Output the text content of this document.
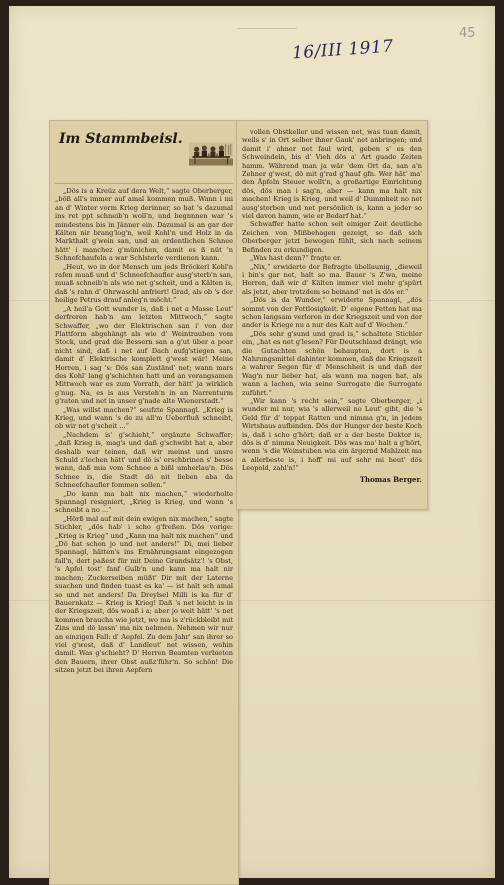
16/III 1917
45
Im Stammbeisl.

„Dös is a Kreüz auf dera Welt,“ sagte Oberberger, „böß all's immer auf amal kommen muß. Wann i mi an d' Winter vorm Krieg derinner, so hat 's dazumal ins ret ppt schneib'n woll'n, und begnnnen war 's mindestens bis in Jänner ein. Dazumal is an gar der Kälten nir brang'log'n, weil Kohl'n und Holz in da Markthalt g'wein san, und an ordentlichen Schnee hätt' i manchez g'münichen, damit es ß nüt 'n Schnefchaufeln a war Schlsterle verdienen kann.

„Heut, wo in der Mensch um jeds Bröckerl Kohl'n rafen muaß und d' Schneefchaufler ausg'sterb'n san, muaß schneib'n als wie net g'scheit, und a Kälten is, daß 's rahn d' Ohrwaschl anfriert! Grad, als ob 's der heilige Petrus drauf anleg'n möcht.“

„A heil'a Gott wunder is, daß i net a Masse Leut' derfroren hab'n am letzten Mittwoch,“ sagte Schwaffer, „wo der Elektrischen san i' von der Plattform abgehängt als wie d' Weintrauben vom Stock, und grad die Bessern san a g'ut über a poar nicht sind, daß i net auf Dach aufg'stiegen san, damit d' Elektrische komplett g'west wär! Meine Herren, i sag 's: Dös san Zuständ' net; wann mars des Kohl' lang g'schichten hatt und an vorangsamen Mittwoch war es zum Vorrath, der hätt' ja wirklich g'nug. Na, es is aus Versteh'n in an Narrenturm g'raten und net in unser g'nade alte Wienerstadt.“

„Was willst machen?“ seufzte Spannagl. „Krieg is Krieg, und wann 's de zu all'm Ueberfluß schneibt, ob wir net g'scheit ...“

„Nachdem is' g'schieht,“ ergänzte Schwaffer; „daß Krieg is, mag's und daß g'schwibt hat a, aber deshalb war teinen, daß wir meinst und unsre Schuld z'lechen hätt' und dö is' erschbrinen s' besse wann, daß mia vom Schnee a bißl umherlau'n. Dös Schnee is, die Stadt dö nit lieben aba da Schneefchaufler fommen sollen.“

„Do kann ma halt nix machen,“ wiederholte Spannagl resigniert, „Krieg is Krieg, und wann 's schneibt a no ...“

„Hörß mal auf mit dein ewigen nix machen,“ sagte Stichler, „dös hab' i scho g'freßen. Dös vorige: „Krieg is Krieg“ und „Kann ma halt nix machen“ und „Dö hat schon jo und net anders!“ Di, mei lieber Spannagl, hätten's ins Ernährungsamt eingezogen fall'n, dert paßest für mit Deine Grundsätz'! 's Obst, 's Apfel tost' fanf Gulb'n und kann ma halt nir machen; Zuckerseiben müßt' Dir mit der Laterne suachen und finden tuast es ka' — ist halt sch amal so und net anders! Da Dreylsel Milli is ka für d' Bauernkatz — Krieg is Krieg! Daß 's net leicht is in der Kriegszeit, dös woaß i a; aber jo weit hätt' 's net kommen braucha wie jetzt, wo ma is z'rückbleibt mit Zins und dö lassn' ma nix nehmen. Nehmen wir nur an einzigen Fall: d' Aepfel. Zu dem Jahr' san ihrer so viel g'west, daß d' Landleut' net wissen, wohin damit. Was g'schieht? D' Herren Beamten verbieten den Bauern, ihrer Obst außz'führ'n. So schön! Die sitzen jetzt bei ihren Aepfern

vollen Obstkeller und wissen net, was tuan damit, weils s' in Ort selber ihner Gauk' net anbringen; und damit i' ahner net faul wird, geben s' es den Schweindeln, bis d' Vieh dös a' Art guade Zeiten hamm. Während man ja wär 'dem Ort da, san a'n Zehner g'west, dö mit g'rad g'hauf gfn. Wer hät' ma' den Äpfeln Steuer wollt'n, a großartige Einrichtung dös, dös man i sag'n, aber — kann ma halt nix machen! Krieg is Krieg, und weil d' Dummheit no net ausg'storben und net persönlich is, kann a jeder so viel davon hamm, wie er Bedarf hat.“

Schwaffer hatte schon seit einiger Zeit deutliche Zeichen von Mißbehagen gezeigt, so daß sich Oberberger jetzt bewogen fühlt, sich nach seinem Befinden zu erkundigen.

„Was hast denn?“ fragte er.

„Nix,“ erwiderte der Befragte übellaunig, „dieweil i bin's gar net, halt so ma. Bauer 's Z'wa, meine Herren, daß wir d' Kälten immer viel mehr g'spürt als jetzt, aber trotzdem so beinand' net is dös er.“

„Dös is da Wunder,“ erwiderte Spannagl, „dös sommt von der Fettlosigkeit. D' eigene Fetten hat ma schon langsam verloren in der Kriegszeit und von der ander is Kriege nu a nur des Kalt auf d' Wochen.“

„Dös sehr g'sund und grad is,“ schaltete Stichler ein, „hat es net g'lesen? Für Deutschland drängt, wie die Gutachten schön behaupten, dort is a Nahrungsmittel dahinter kommen, daß die Kriegszeit a wahrer Segen für d' Menschheit is und daß der Wag'n nur lieber hat, als wann ma nagen hat, als wann a lachen, wia seine Surrogate die Surrogate zuführt.“

„Wir kann 's recht sein,“ sagte Oberberger, „i wunder mi nur, wia 's allerweil no Leut' gibt, die 's Geld für d' teppat Ratten und nimma g'n, in jedem Wirtshaus aufbinden. Dös der Hunger der beste Koch is, daß i scho g'hört; daß er a der beste Doktor is, dös is d' nimma Neuigkeit. Dös was ma' halt a g'hört, wenn 's die Weinstuben wia ein ärgernd Mahlzeit ma a allerbeste is, i hoff' mi auf sehr mi heut' dös Leopold, zahl'n!“

Thomas Berger.
